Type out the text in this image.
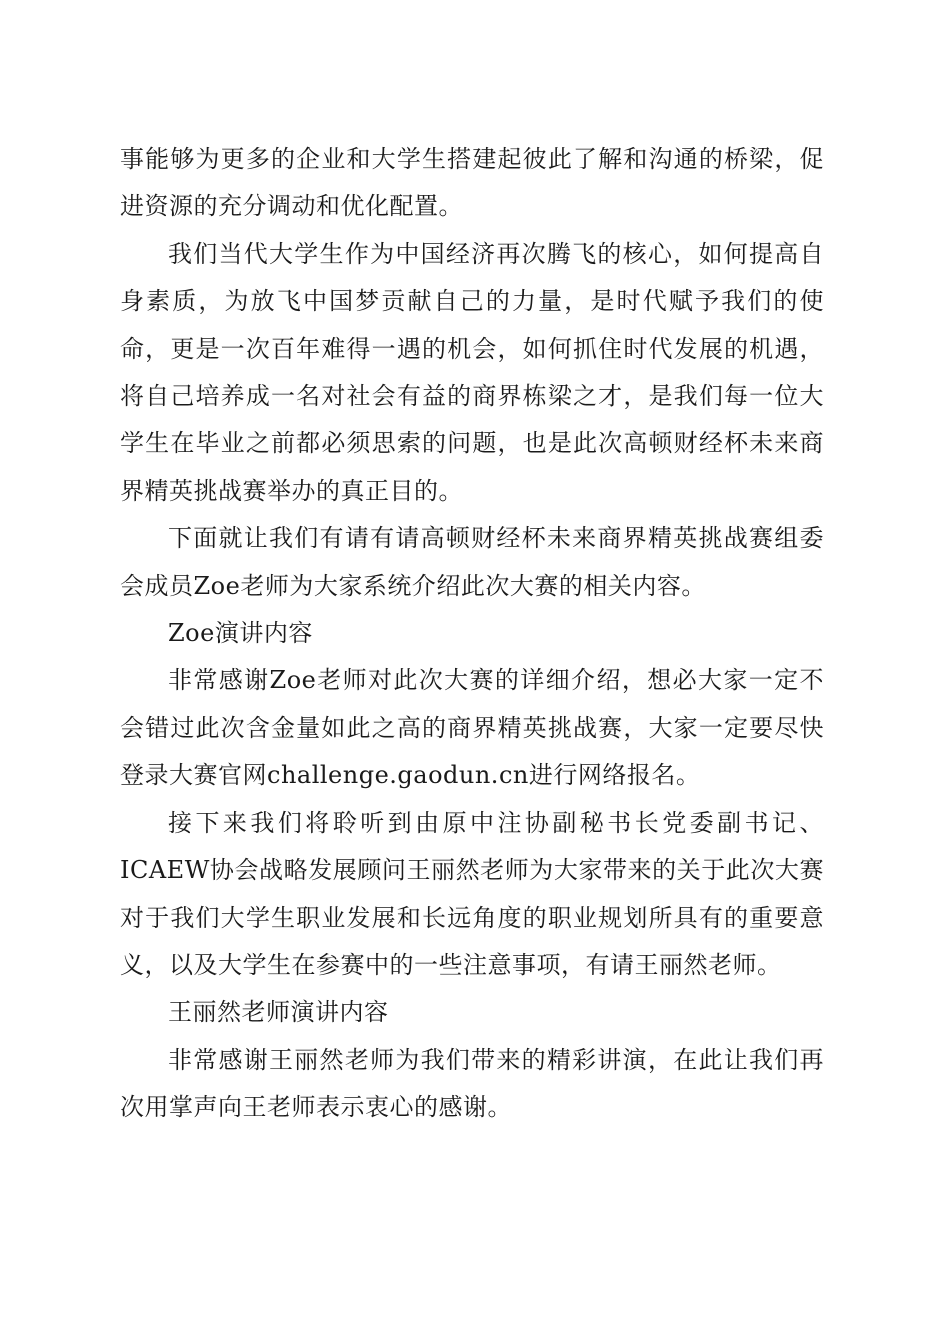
事能够为更多的企业和大学生搭建起彼此了解和沟通的桥梁，促进资源的充分调动和优化配置。

我们当代大学生作为中国经济再次腾飞的核心，如何提高自身素质，为放飞中国梦贡献自己的力量，是时代赋予我们的使命，更是一次百年难得一遇的机会，如何抓住时代发展的机遇，将自己培养成一名对社会有益的商界栋梁之才，是我们每一位大学生在毕业之前都必须思索的问题，也是此次高顿财经杯未来商界精英挑战赛举办的真正目的。

下面就让我们有请有请高顿财经杯未来商界精英挑战赛组委会成员Zoe老师为大家系统介绍此次大赛的相关内容。

Zoe演讲内容

非常感谢Zoe老师对此次大赛的详细介绍，想必大家一定不会错过此次含金量如此之高的商界精英挑战赛，大家一定要尽快登录大赛官网challenge.gaodun.cn进行网络报名。

接下来我们将聆听到由原中注协副秘书长党委副书记、ICAEW协会战略发展顾问王丽然老师为大家带来的关于此次大赛对于我们大学生职业发展和长远角度的职业规划所具有的重要意义，以及大学生在参赛中的一些注意事项，有请王丽然老师。

王丽然老师演讲内容

非常感谢王丽然老师为我们带来的精彩讲演，在此让我们再次用掌声向王老师表示衷心的感谢。
